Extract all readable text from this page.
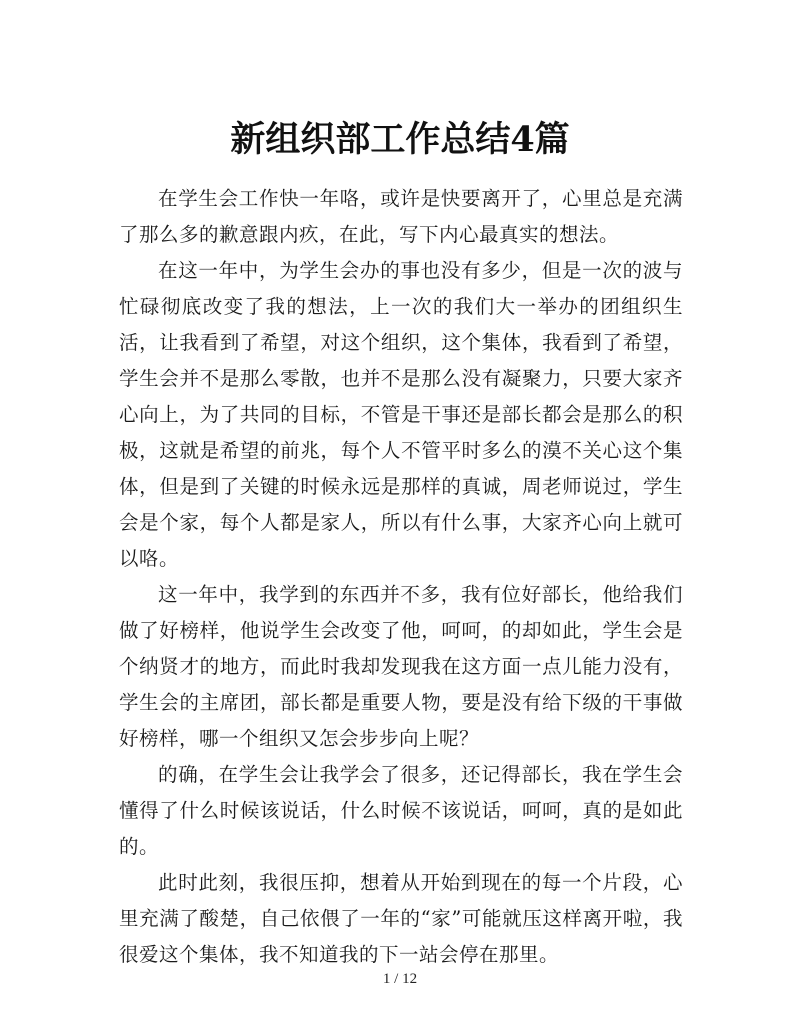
新组织部工作总结4篇

在学生会工作快一年咯，或许是快要离开了，心里总是充满了那么多的歉意跟内疚，在此，写下内心最真实的想法。

在这一年中，为学生会办的事也没有多少，但是一次的波与忙碌彻底改变了我的想法，上一次的我们大一举办的团组织生活，让我看到了希望，对这个组织，这个集体，我看到了希望，学生会并不是那么零散，也并不是那么没有凝聚力，只要大家齐心向上，为了共同的目标，不管是干事还是部长都会是那么的积极，这就是希望的前兆，每个人不管平时多么的漠不关心这个集体，但是到了关键的时候永远是那样的真诚，周老师说过，学生会是个家，每个人都是家人，所以有什么事，大家齐心向上就可以咯。

这一年中，我学到的东西并不多，我有位好部长，他给我们做了好榜样，他说学生会改变了他，呵呵，的却如此，学生会是个纳贤才的地方，而此时我却发现我在这方面一点儿能力没有，学生会的主席团，部长都是重要人物，要是没有给下级的干事做好榜样，哪一个组织又怎会步步向上呢？

的确，在学生会让我学会了很多，还记得部长，我在学生会懂得了什么时候该说话，什么时候不该说话，呵呵，真的是如此的。

此时此刻，我很压抑，想着从开始到现在的每一个片段，心里充满了酸楚，自己依偎了一年的“家”可能就压这样离开啦，我很爱这个集体，我不知道我的下一站会停在那里。

1 / 12
